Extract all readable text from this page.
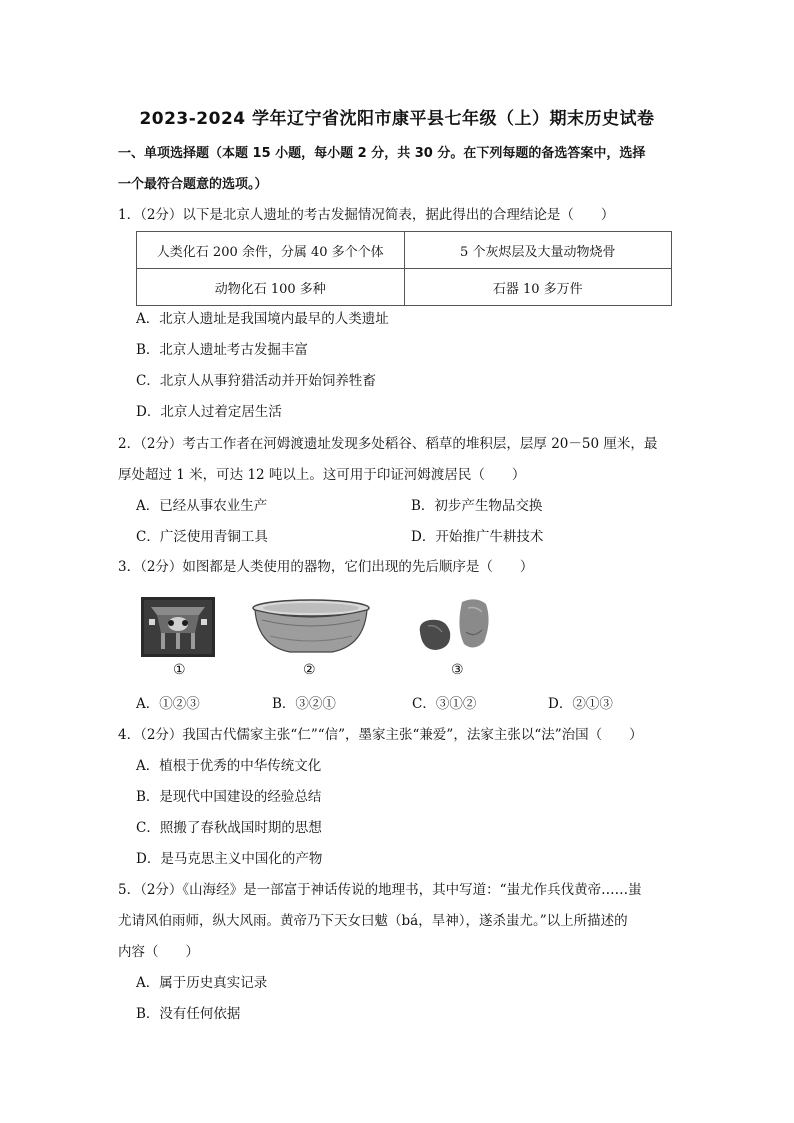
2023-2024 学年辽宁省沈阳市康平县七年级（上）期末历史试卷
一、单项选择题（本题 15 小题，每小题 2 分，共 30 分。在下列每题的备选答案中，选择
一个最符合题意的选项。）
1．（2分）以下是北京人遗址的考古发掘情况简表，据此得出的合理结论是（　　）
人类化石 200 余件，分属 40 多个个体	5 个灰烬层及大量动物烧骨
动物化石 100 多种	石器 10 多万件
A．北京人遗址是我国境内最早的人类遗址
B．北京人遗址考古发掘丰富
C．北京人从事狩猎活动并开始饲养牲畜
D．北京人过着定居生活
2．（2分）考古工作者在河姆渡遗址发现多处稻谷、稻草的堆积层，层厚 20－50 厘米，最
厚处超过 1 米，可达 12 吨以上。这可用于印证河姆渡居民（　　）
A．已经从事农业生产	B．初步产生物品交换
C．广泛使用青铜工具	D．开始推广牛耕技术
3．（2分）如图都是人类使用的器物，它们出现的先后顺序是（　　）
①	②	③
A．①②③	B．③②①	C．③①②	D．②①③
4．（2分）我国古代儒家主张“仁”“信”，墨家主张“兼爱”，法家主张以“法”治国（　　）
A．植根于优秀的中华传统文化
B．是现代中国建设的经验总结
C．照搬了春秋战国时期的思想
D．是马克思主义中国化的产物
5．（2分）《山海经》是一部富于神话传说的地理书，其中写道：“蚩尤作兵伐黄帝……蚩
尤请风伯雨师，纵大风雨。黄帝乃下天女曰魃（bá，旱神），遂杀蚩尤。”以上所描述的
内容（　　）
A．属于历史真实记录
B．没有任何依据
